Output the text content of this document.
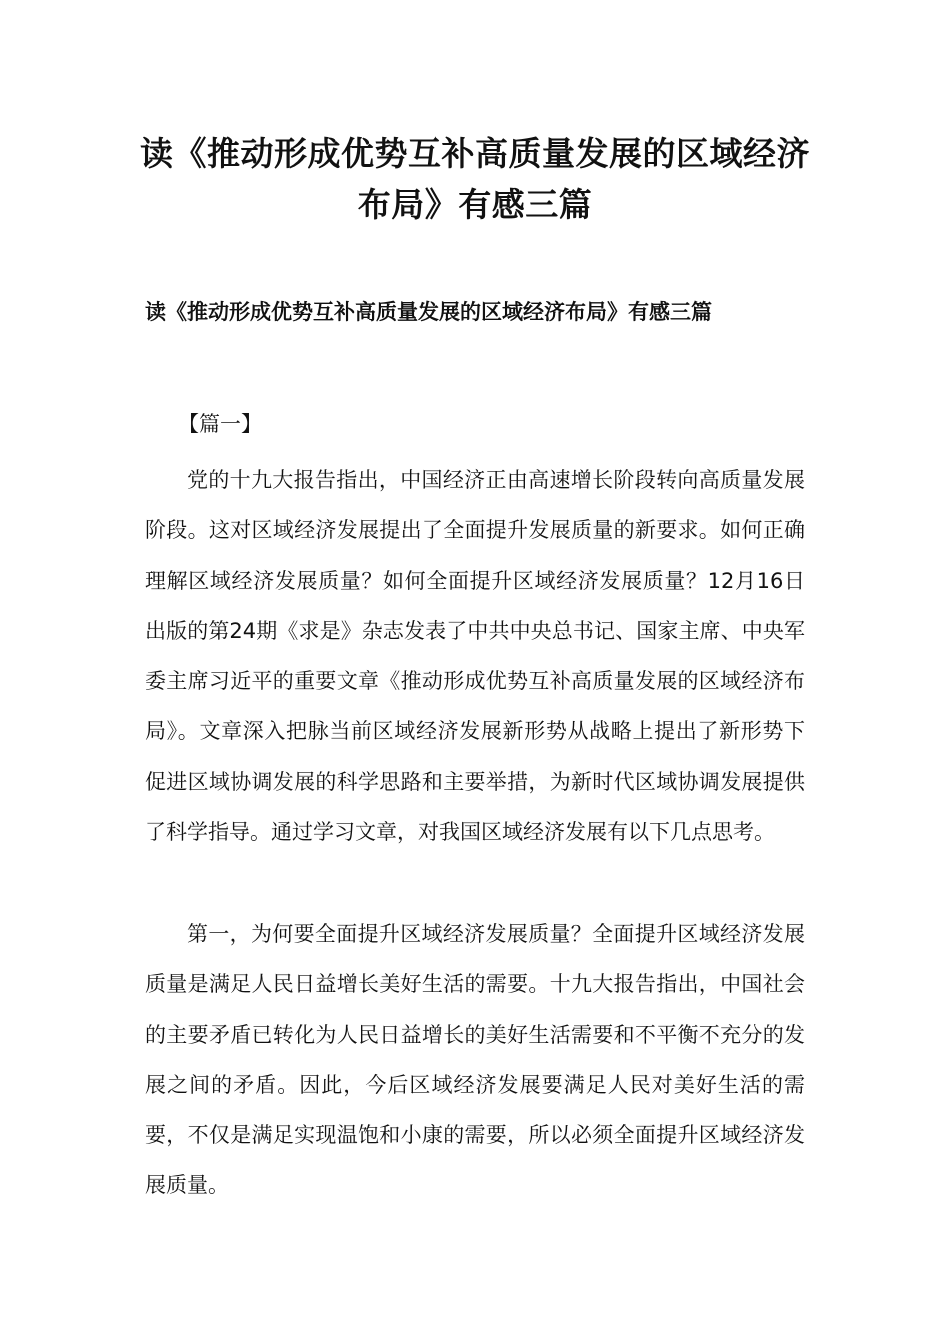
读《推动形成优势互补高质量发展的区域经济布局》有感三篇
读《推动形成优势互补高质量发展的区域经济布局》有感三篇

【篇一】

党的十九大报告指出，中国经济正由高速增长阶段转向高质量发展阶段。这对区域经济发展提出了全面提升发展质量的新要求。如何正确理解区域经济发展质量？如何全面提升区域经济发展质量？12月16日出版的第24期《求是》杂志发表了中共中央总书记、国家主席、中央军委主席习近平的重要文章《推动形成优势互补高质量发展的区域经济布局》。文章深入把脉当前区域经济发展新形势从战略上提出了新形势下促进区域协调发展的科学思路和主要举措，为新时代区域协调发展提供了科学指导。通过学习文章，对我国区域经济发展有以下几点思考。

第一，为何要全面提升区域经济发展质量？全面提升区域经济发展质量是满足人民日益增长美好生活的需要。十九大报告指出，中国社会的主要矛盾已转化为人民日益增长的美好生活需要和不平衡不充分的发展之间的矛盾。因此，今后区域经济发展要满足人民对美好生活的需要，不仅是满足实现温饱和小康的需要，所以必须全面提升区域经济发展质量。
